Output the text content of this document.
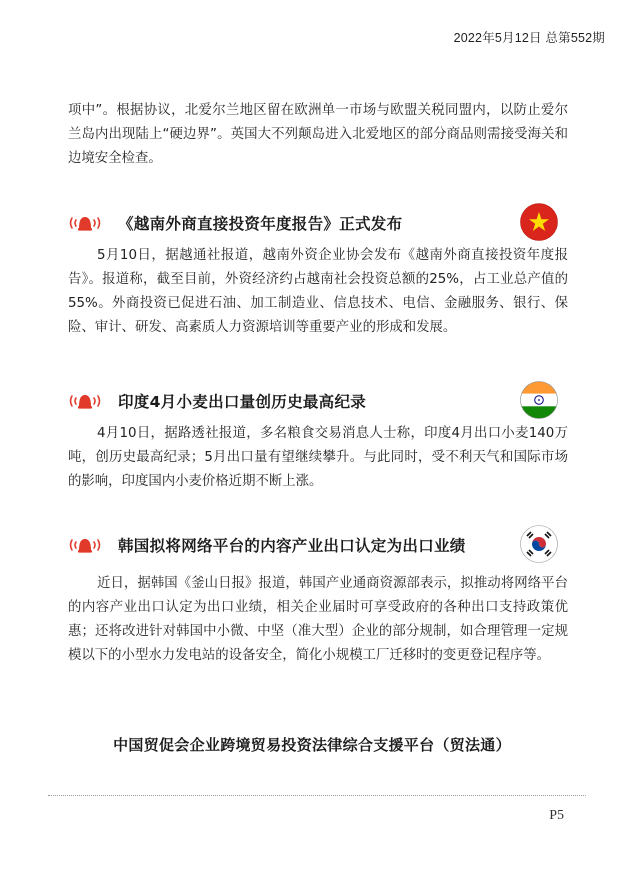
2022年5月12日 总第552期

项中”。根据协议，北爱尔兰地区留在欧洲单一市场与欧盟关税同盟内，以防止爱尔兰岛内出现陆上“硬边界”。英国大不列颠岛进入北爱地区的部分商品则需接受海关和边境安全检查。

《越南外商直接投资年度报告》正式发布

5月10日，据越通社报道，越南外资企业协会发布《越南外商直接投资年度报告》。报道称，截至目前，外资经济约占越南社会投资总额的25%，占工业总产值的55%。外商投资已促进石油、加工制造业、信息技术、电信、金融服务、银行、保险、审计、研发、高素质人力资源培训等重要产业的形成和发展。

印度4月小麦出口量创历史最高纪录

4月10日，据路透社报道，多名粮食交易消息人士称，印度4月出口小麦140万吨，创历史最高纪录；5月出口量有望继续攀升。与此同时，受不利天气和国际市场的影响，印度国内小麦价格近期不断上涨。

韩国拟将网络平台的内容产业出口认定为出口业绩

近日，据韩国《釜山日报》报道，韩国产业通商资源部表示，拟推动将网络平台的内容产业出口认定为出口业绩，相关企业届时可享受政府的各种出口支持政策优惠；还将改进针对韩国中小微、中坚（准大型）企业的部分规制，如合理管理一定规模以下的小型水力发电站的设备安全，简化小规模工厂迁移时的变更登记程序等。

中国贸促会企业跨境贸易投资法律综合支援平台（贸法通）
P5
